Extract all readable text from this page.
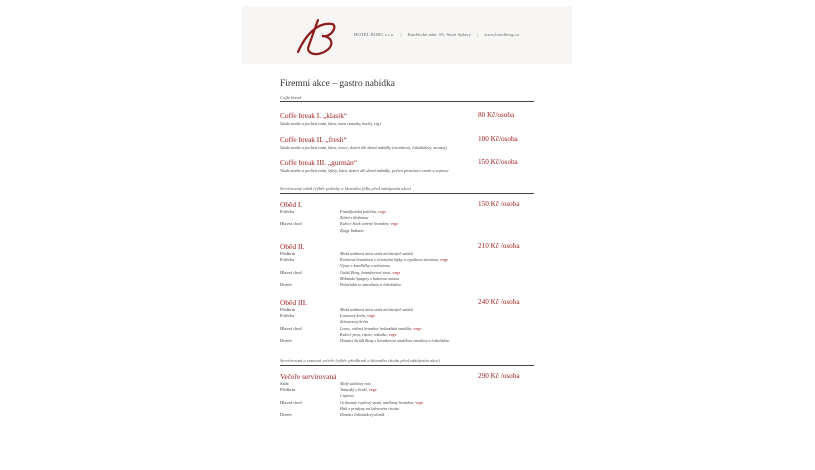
HOTEL BORG s.r.o. | Kunětické nám. 85, Staré Splavy | www.hotelborg.cz
Firemní akce – gastro nabídka
Coffe break
Coffe break I. „klasik“	80 Kč/osoba
Vinda studie a prolívá voda, káva, toast (zmatky, buchy, cíg)
Coffe break II. „fresh“	100 Kč/osoba
Vinda studie a prolívá voda, káva, ovoce, dezert dle denní nabídky (tvarohový, čokoládový, moussy)
Coffe break III. „gurmán“	150 Kč/osoba
Vinda studie a prolívá voda, šťávy, káva, dezert dle denní nabídky, pečivo prosciutto crudo a caprese
Servírovaný oběd (výběr polévky a hlavního jídla před zahájením akce)
Oběd I.	150 Kč /osoba
Polévka	Frankfurtská polévka, vege
Zelná s klobásou
Hlavní chod	Kuřecí řízek vařený brambor, vege
Zjagy Indiana
Oběd II.	210 Kč /osoba
Předkrm	Malá salátová mísa směs míchaných salátů
Polévka	Krémová brambora s čerstvými šípky a vypeknou slaninou, vege
Vývar s knedlíčky a zeleninou
Hlavní chod	Guláš Borg, bramborové rosti, vege
Milánské špagety s hubovou masou
Dezert	Palačinka se zmrzlinou a čokoládou
Oběd III.	240 Kč /osoba
Předkrm	Malá salátová mísa směs míchaných salátů
Polévka	Lososový krém, vege
Zeleninový krém
Hlavní chod	Losos, vařený brambor holandská omáčka, vege
Kuřecí prsa, rizoto, rokotka, vege
Dezert	Domácí štrůdl Borg s bezinkovou omáčkou zmrzliny a čokoládou
Servírovaná a rautová večeře (výběr předkrmů a hlavního chodu před zahájením akce)
Večeře servírovaná	290 Kč /osoba
Salát	Malý salátový mix
Předkrm	Tatarský s hruší, vege
Caprese
Hlavní chod	Grilovaný vepřový steak, mačkaný brambor, vege
Halt z pradyny na lahvovém risotto
Dezert	Domácí čokoládový dortík
